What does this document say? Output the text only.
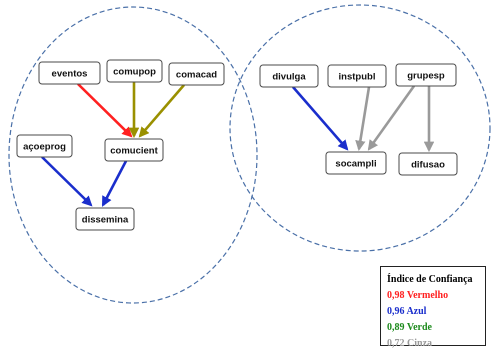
eventos	comupop comacad
açoeprog	comucient
dissemina
divulga	instpubl	grupesp
socampli	difusao
Índice de Confiança
0,98 Vermelho
0,96 Azul
0,89 Verde
0,72 Cinza
